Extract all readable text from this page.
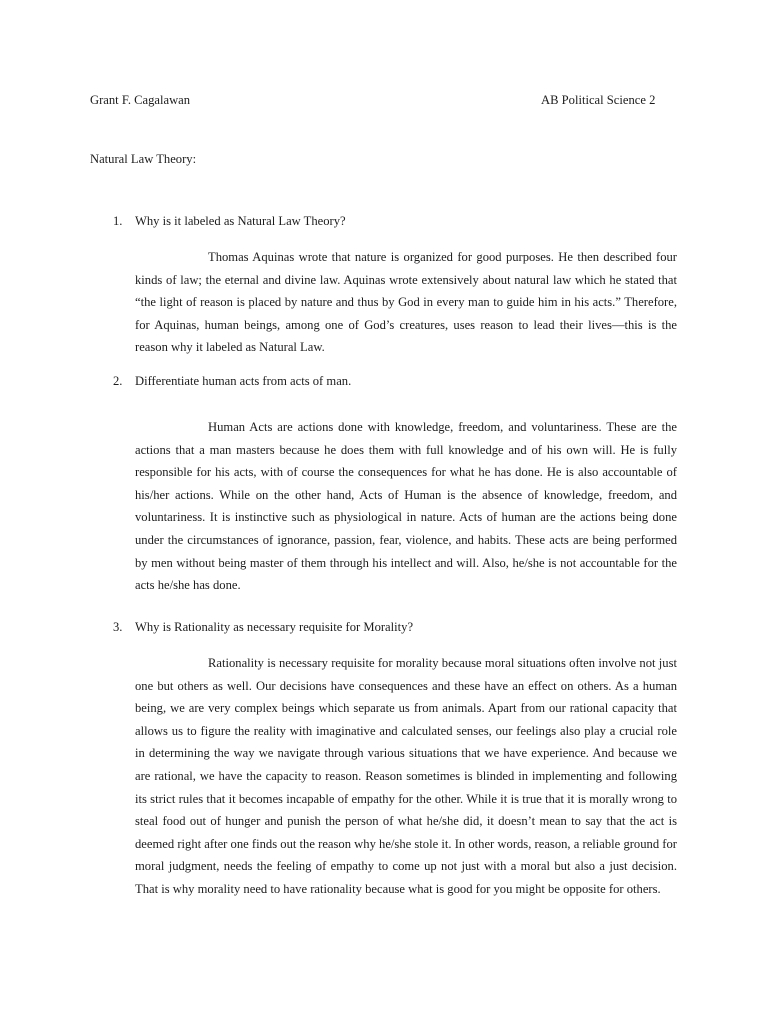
Grant F. Cagalawan	AB Political Science 2
Natural Law Theory:
1. Why is it labeled as Natural Law Theory?

Thomas Aquinas wrote that nature is organized for good purposes. He then described four kinds of law; the eternal and divine law. Aquinas wrote extensively about natural law which he stated that “the light of reason is placed by nature and thus by God in every man to guide him in his acts.” Therefore, for Aquinas, human beings, among one of God’s creatures, uses reason to lead their lives—this is the reason why it labeled as Natural Law.

2. Differentiate human acts from acts of man.

Human Acts are actions done with knowledge, freedom, and voluntariness. These are the actions that a man masters because he does them with full knowledge and of his own will. He is fully responsible for his acts, with of course the consequences for what he has done. He is also accountable of his/her actions. While on the other hand, Acts of Human is the absence of knowledge, freedom, and voluntariness. It is instinctive such as physiological in nature. Acts of human are the actions being done under the circumstances of ignorance, passion, fear, violence, and habits. These acts are being performed by men without being master of them through his intellect and will. Also, he/she is not accountable for the acts he/she has done.

3. Why is Rationality as necessary requisite for Morality?

Rationality is necessary requisite for morality because moral situations often involve not just one but others as well. Our decisions have consequences and these have an effect on others. As a human being, we are very complex beings which separate us from animals. Apart from our rational capacity that allows us to figure the reality with imaginative and calculated senses, our feelings also play a crucial role in determining the way we navigate through various situations that we have experience. And because we are rational, we have the capacity to reason. Reason sometimes is blinded in implementing and following its strict rules that it becomes incapable of empathy for the other. While it is true that it is morally wrong to steal food out of hunger and punish the person of what he/she did, it doesn’t mean to say that the act is deemed right after one finds out the reason why he/she stole it. In other words, reason, a reliable ground for moral judgment, needs the feeling of empathy to come up not just with a moral but also a just decision. That is why morality need to have rationality because what is good for you might be opposite for others.
